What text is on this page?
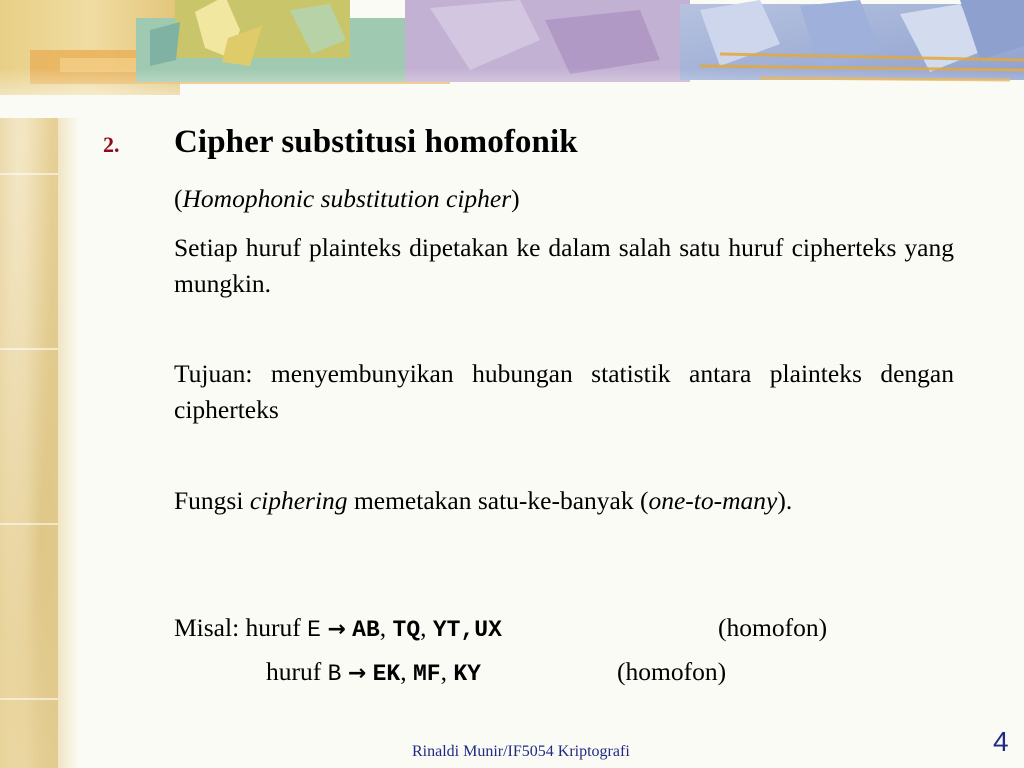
2. Cipher substitusi homofonik
(Homophonic substitution cipher)
Setiap huruf plainteks dipetakan ke dalam salah satu huruf cipherteks yang mungkin.
Tujuan: menyembunyikan hubungan statistik antara plainteks dengan cipherteks
Fungsi ciphering memetakan satu-ke-banyak (one-to-many).
Misal: huruf E → AB, TQ, YT,UX	(homofon)
huruf B → EK, MF, KY	(homofon)
Rinaldi Munir/IF5054 Kriptografi	4
